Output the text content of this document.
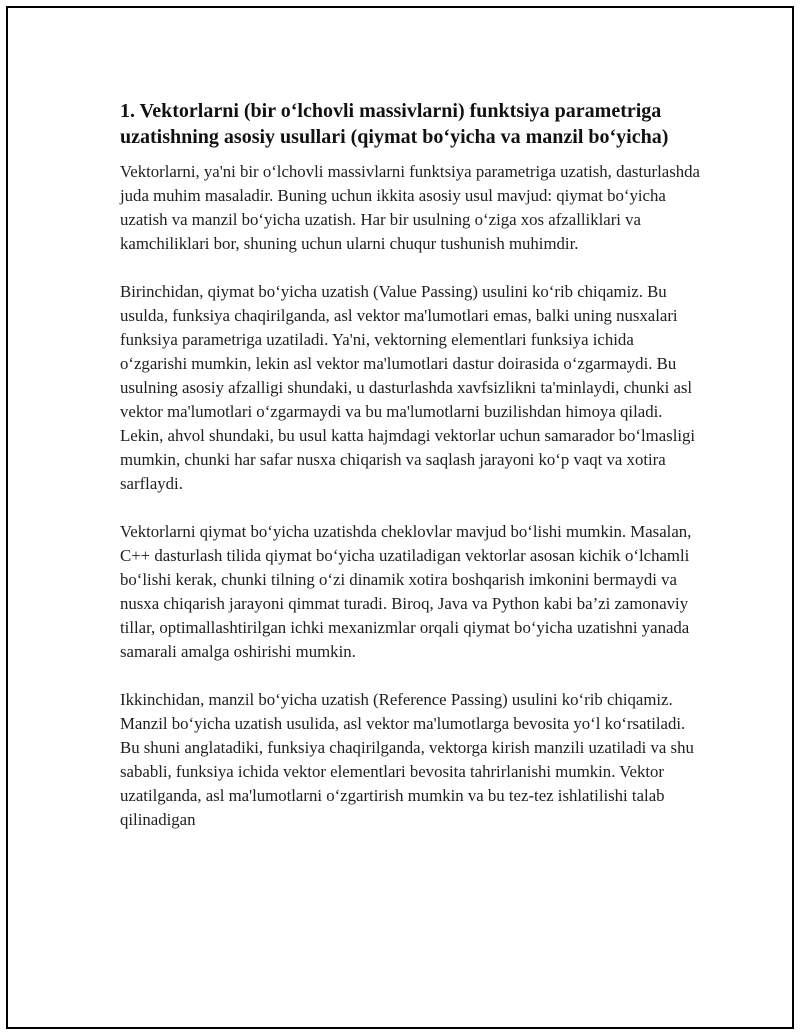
1. Vektorlarni (bir o‘lchovli massivlarni) funktsiya parametriga uzatishning asosiy usullari (qiymat bo‘yicha va manzil bo‘yicha)

Vektorlarni, ya'ni bir o‘lchovli massivlarni funktsiya parametriga uzatish, dasturlashda juda muhim masaladir. Buning uchun ikkita asosiy usul mavjud: qiymat bo‘yicha uzatish va manzil bo‘yicha uzatish. Har bir usulning o‘ziga xos afzalliklari va kamchiliklari bor, shuning uchun ularni chuqur tushunish muhimdir.

Birinchidan, qiymat bo‘yicha uzatish (Value Passing) usulini ko‘rib chiqamiz. Bu usulda, funksiya chaqirilganda, asl vektor ma'lumotlari emas, balki uning nusxalari funksiya parametriga uzatiladi. Ya'ni, vektorning elementlari funksiya ichida o‘zgarishi mumkin, lekin asl vektor ma'lumotlari dastur doirasida o‘zgarmaydi. Bu usulning asosiy afzalligi shundaki, u dasturlashda xavfsizlikni ta'minlaydi, chunki asl vektor ma'lumotlari o‘zgarmaydi va bu ma'lumotlarni buzilishdan himoya qiladi. Lekin, ahvol shundaki, bu usul katta hajmdagi vektorlar uchun samarador bo‘lmasligi mumkin, chunki har safar nusxa chiqarish va saqlash jarayoni ko‘p vaqt va xotira sarflaydi.

Vektorlarni qiymat bo‘yicha uzatishda cheklovlar mavjud bo‘lishi mumkin. Masalan, C++ dasturlash tilida qiymat bo‘yicha uzatiladigan vektorlar asosan kichik o‘lchamli bo‘lishi kerak, chunki tilning o‘zi dinamik xotira boshqarish imkonini bermaydi va nusxa chiqarish jarayoni qimmat turadi. Biroq, Java va Python kabi ba’zi zamonaviy tillar, optimallashtirilgan ichki mexanizmlar orqali qiymat bo‘yicha uzatishni yanada samarali amalga oshirishi mumkin.

Ikkinchidan, manzil bo‘yicha uzatish (Reference Passing) usulini ko‘rib chiqamiz. Manzil bo‘yicha uzatish usulida, asl vektor ma'lumotlarga bevosita yo‘l ko‘rsatiladi. Bu shuni anglatadiki, funksiya chaqirilganda, vektorga kirish manzili uzatiladi va shu sababli, funksiya ichida vektor elementlari bevosita tahrirlanishi mumkin. Vektor uzatilganda, asl ma'lumotlarni o‘zgartirish mumkin va bu tez-tez ishlatilishi talab qilinadigan
